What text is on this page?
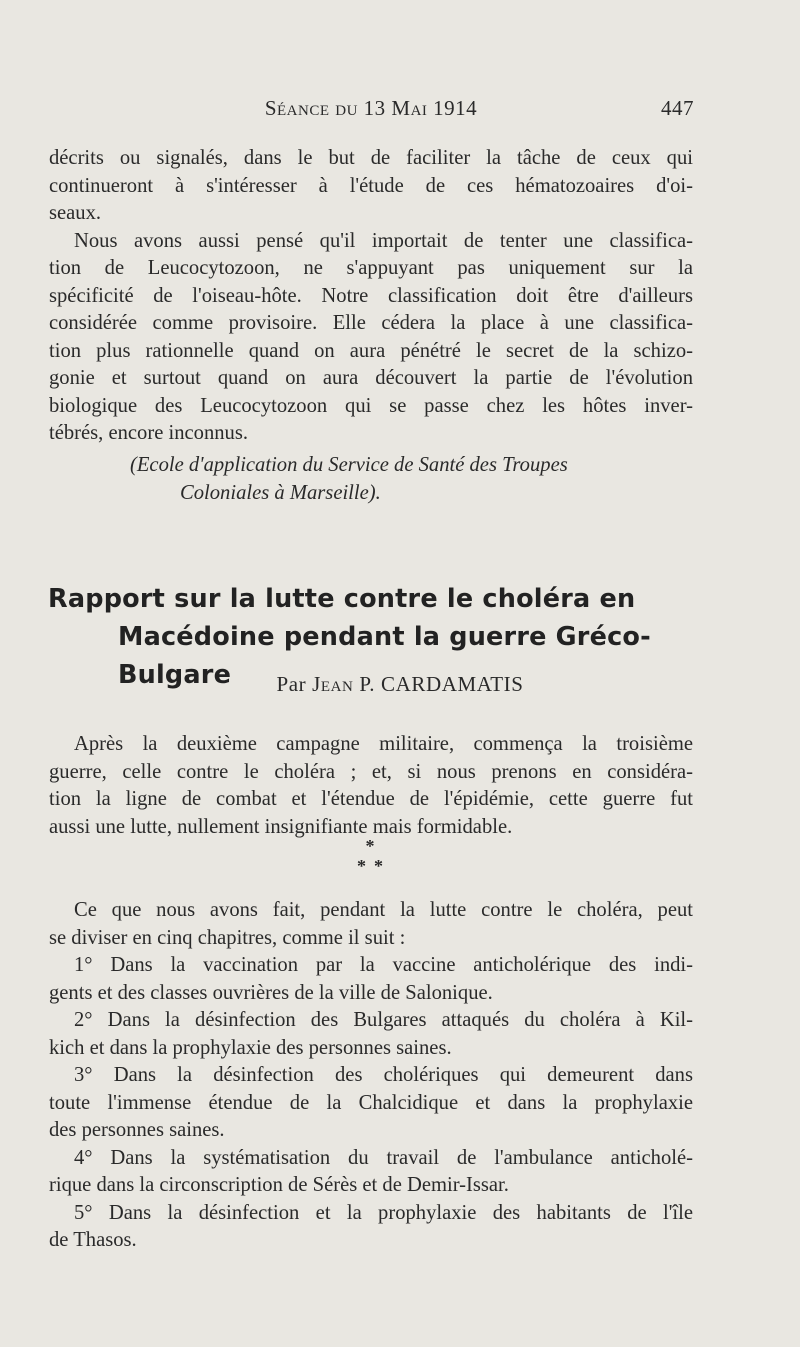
Séance du 13 Mai 1914	447
décrits ou signalés, dans le but de faciliter la tâche de ceux qui
continueront à s'intéresser à l'étude de ces hématozoaires d'oi-
seaux.
Nous avons aussi pensé qu'il importait de tenter une classifica-
tion de Leucocytozoon, ne s'appuyant pas uniquement sur la
spécificité de l'oiseau-hôte. Notre classification doit être d'ailleurs
considérée comme provisoire. Elle cédera la place à une classifica-
tion plus rationnelle quand on aura pénétré le secret de la schizo-
gonie et surtout quand on aura découvert la partie de l'évolution
biologique des Leucocytozoon qui se passe chez les hôtes inver-
tébrés, encore inconnus.
(Ecole d'application du Service de Santé des Troupes
Coloniales à Marseille).
Rapport sur la lutte contre le choléra en
Macédoine pendant la guerre Gréco-Bulgare	Par Jean P. CARDAMATIS
Après la deuxième campagne militaire, commença la troisième
guerre, celle contre le choléra ; et, si nous prenons en considéra-
tion la ligne de combat et l'étendue de l'épidémie, cette guerre fut
aussi une lutte, nullement insignifiante mais formidable.
*
**
Ce que nous avons fait, pendant la lutte contre le choléra, peut
se diviser en cinq chapitres, comme il suit :
1° Dans la vaccination par la vaccine anticholérique des indi-
gents et des classes ouvrières de la ville de Salonique.
2° Dans la désinfection des Bulgares attaqués du choléra à Kil-
kich et dans la prophylaxie des personnes saines.
3° Dans la désinfection des cholériques qui demeurent dans
toute l'immense étendue de la Chalcidique et dans la prophylaxie
des personnes saines.
4° Dans la systématisation du travail de l'ambulance anticholé-
rique dans la circonscription de Sérès et de Demir-Issar.
5° Dans la désinfection et la prophylaxie des habitants de l'île
de Thasos.
